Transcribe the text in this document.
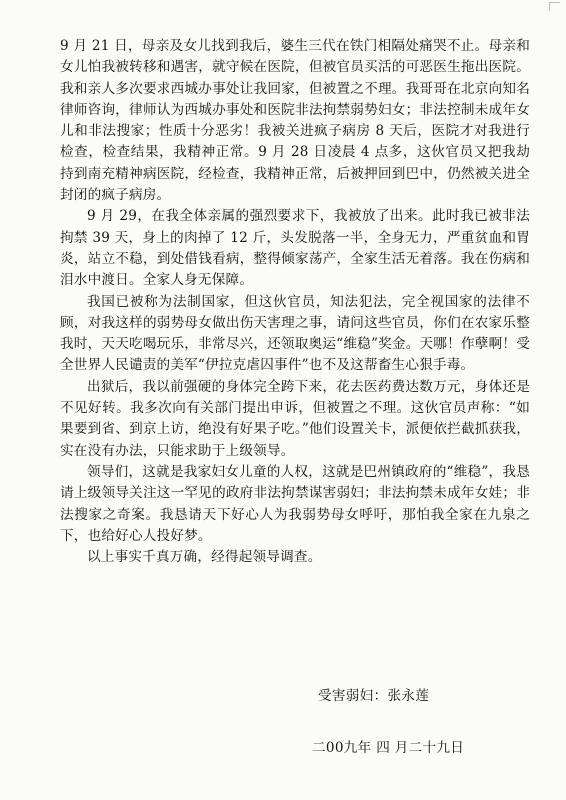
9 月 21 日，母亲及女儿找到我后，婆生三代在铁门相隔处痛哭不止。母亲和女儿怕我被转移和遇害，就守候在医院，但被官员买活的可恶医生拖出医院。我和亲人多次要求西城办事处让我回家，但被置之不理。我哥哥在北京向知名律师咨询，律师认为西城办事处和医院非法拘禁弱势妇女；非法控制未成年女儿和非法搜家；性质十分恶劣！我被关进疯子病房 8 天后，医院才对我进行检查，检查结果，我精神正常。9 月 28 日凌晨 4 点多，这伙官员又把我劫持到南充精神病医院，经检查，我精神正常，后被押回到巴中，仍然被关进全封闭的疯子病房。

9 月 29，在我全体亲属的强烈要求下，我被放了出来。此时我已被非法拘禁 39 天，身上的肉掉了 12 斤，头发脱落一半，全身无力，严重贫血和胃炎，站立不稳，到处借钱看病，整得倾家荡产，全家生活无着落。我在伤病和泪水中渡日。全家人身无保障。

我国已被称为法制国家，但这伙官员，知法犯法，完全视国家的法律不顾，对我这样的弱势母女做出伤天害理之事，请问这些官员，你们在农家乐整我时，天天吃喝玩乐，非常尽兴，还领取奥运“维稳”奖金。天哪！作孽啊！受全世界人民谴责的美军“伊拉克虐囚事件”也不及这帮畜生心狠手毒。

出狱后，我以前强硬的身体完全跨下来，花去医药费达数万元，身体还是不见好转。我多次向有关部门提出申诉，但被置之不理。这伙官员声称：“如果要到省、到京上访，绝没有好果子吃。”他们设置关卡，派便依拦截抓获我，实在没有办法，只能求助于上级领导。

领导们，这就是我家妇女儿童的人权，这就是巴州镇政府的“维稳”，我恳请上级领导关注这一罕见的政府非法拘禁谋害弱妇；非法拘禁未成年女娃；非法搜家之奇案。我恳请天下好心人为我弱势母女呼吁，那怕我全家在九泉之下，也给好心人投好梦。

以上事实千真万确，经得起领导调查。

受害弱妇：张永莲
二00九年 四 月二十九日
